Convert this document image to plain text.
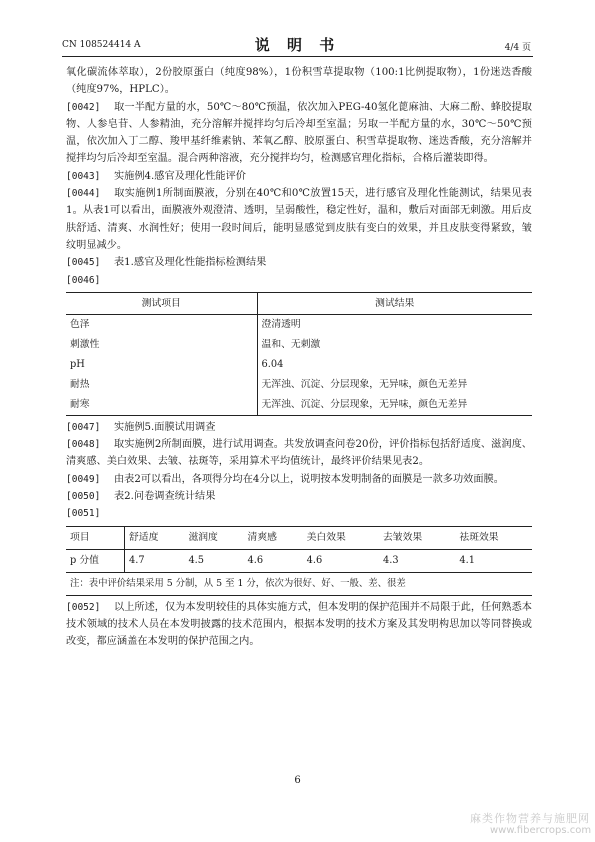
CN 108524414 A	说 明 书	4/4 页

氧化碳流体萃取），2份胶原蛋白（纯度98%），1份积雪草提取物（100:1比例提取物），1份迷迭香酸（纯度97%，HPLC）。

[0042] 取一半配方量的水，50℃～80℃预温，依次加入PEG-40氢化蓖麻油、大麻二酚、蜂胶提取物、人参皂苷、人参精油，充分溶解并搅拌均匀后冷却至室温；另取一半配方量的水，30℃～50℃预温，依次加入丁二醇、羧甲基纤维素钠、苯氧乙醇、胶原蛋白、积雪草提取物、迷迭香酸，充分溶解并搅拌均匀后冷却至室温。混合两种溶液，充分搅拌均匀，检测感官理化指标，合格后灌装即得。

[0043] 实施例4.感官及理化性能评价

[0044] 取实施例1所制面膜液，分别在40℃和0℃放置15天，进行感官及理化性能测试，结果见表1。从表1可以看出，面膜液外观澄清、透明，呈弱酸性，稳定性好，温和，敷后对面部无刺激。用后皮肤舒适、清爽、水润性好；使用一段时间后，能明显感觉到皮肤有变白的效果，并且皮肤变得紧致，皱纹明显减少。

[0045] 表1.感官及理化性能指标检测结果

[0046]

测试项目	测试结果
色泽	澄清透明
刺激性	温和、无刺激
pH	6.04
耐热	无浑浊、沉淀、分层现象，无异味，颜色无差异
耐寒	无浑浊、沉淀、分层现象，无异味，颜色无差异

[0047] 实施例5.面膜试用调查

[0048] 取实施例2所制面膜，进行试用调查。共发放调查问卷20份，评价指标包括舒适度、滋润度、清爽感、美白效果、去皱、祛斑等，采用算术平均值统计，最终评价结果见表2。

[0049] 由表2可以看出，各项得分均在4分以上，说明按本发明制备的面膜是一款多功效面膜。

[0050] 表2.问卷调查统计结果

[0051]

项目	舒适度	滋润度	清爽感	美白效果	去皱效果	祛斑效果
p 分值	4.7	4.5	4.6	4.6	4.3	4.1
注：表中评价结果采用 5 分制，从 5 至 1 分，依次为很好、好、一般、差、很差						

[0052] 以上所述，仅为本发明较佳的具体实施方式，但本发明的保护范围并不局限于此，任何熟悉本技术领域的技术人员在本发明披露的技术范围内，根据本发明的技术方案及其发明构思加以等同替换或改变，都应涵盖在本发明的保护范围之内。

6
麻类作物营养与施肥网
www.fibercrops.com
